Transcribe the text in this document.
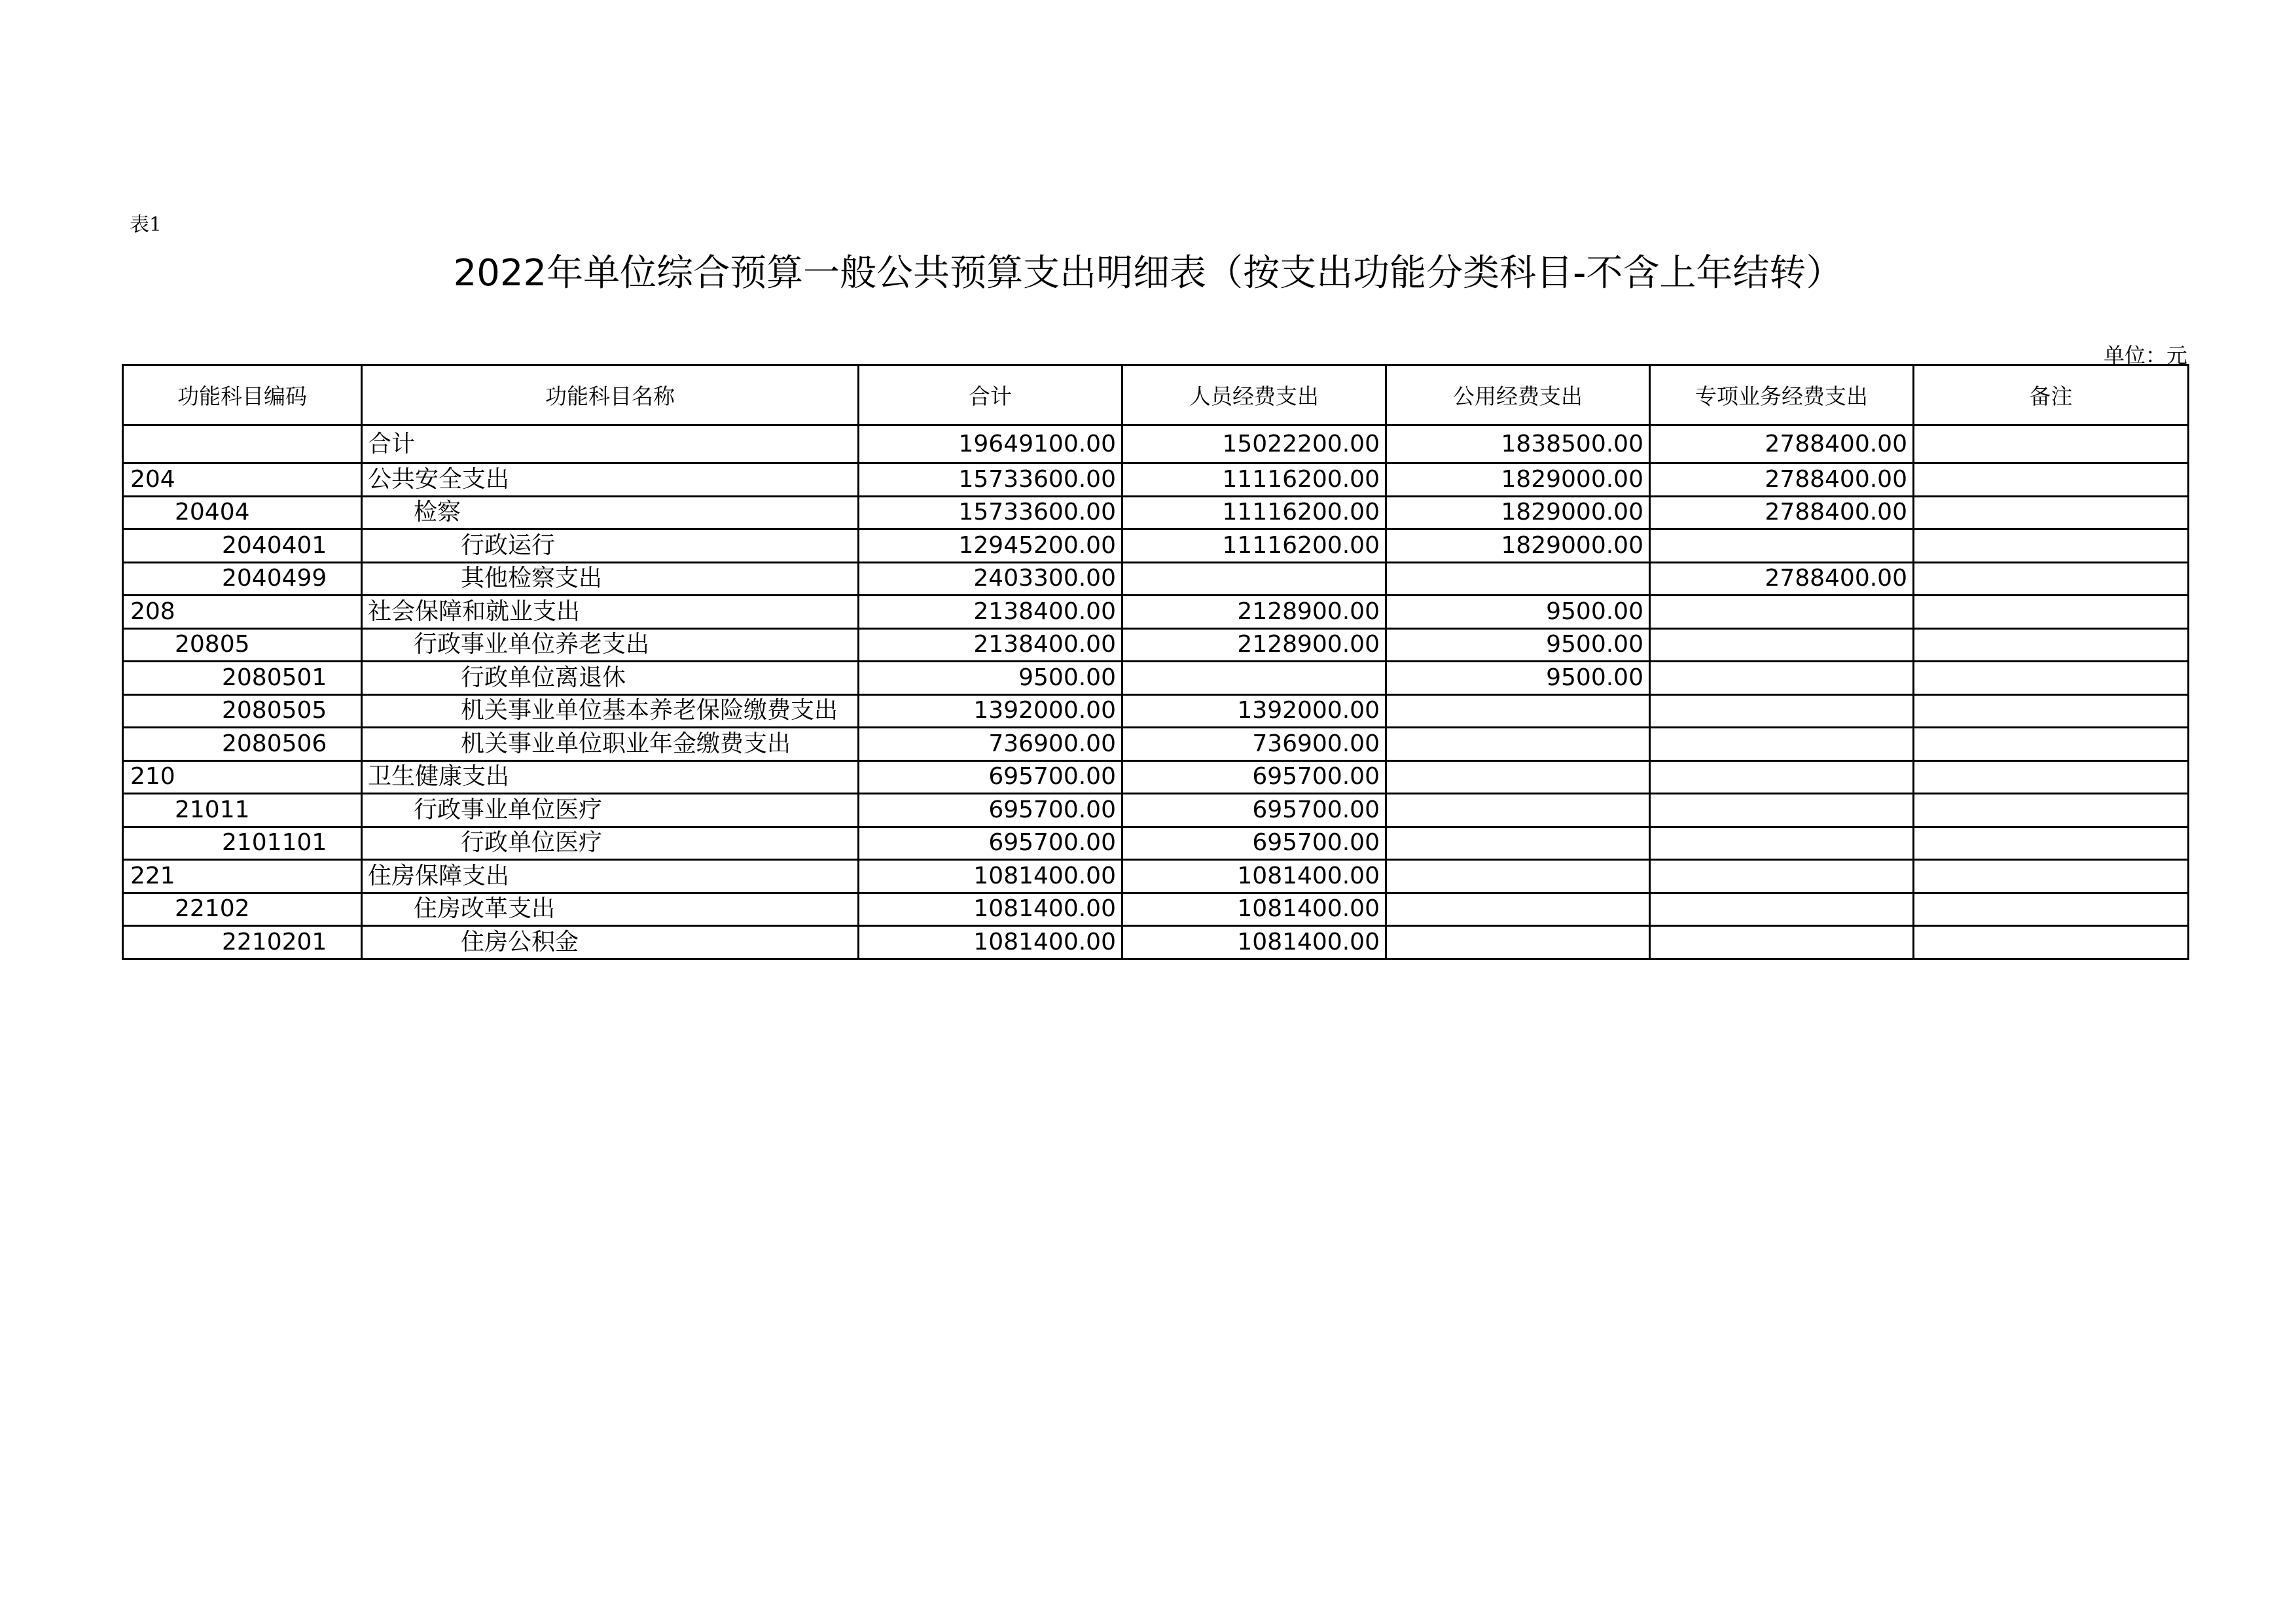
表1
2022年单位综合预算一般公共预算支出明细表（按支出功能分类科目-不含上年结转）
单位：元
功能科目编码	功能科目名称	合计	人员经费支出	公用经费支出	专项业务经费支出	备注
	合计	19649100.00	15022200.00	1838500.00	2788400.00	
204	公共安全支出	15733600.00	11116200.00	1829000.00	2788400.00	
20404	检察	15733600.00	11116200.00	1829000.00	2788400.00	
2040401	行政运行	12945200.00	11116200.00	1829000.00		
2040499	其他检察支出	2403300.00			2788400.00	
208	社会保障和就业支出	2138400.00	2128900.00	9500.00		
20805	行政事业单位养老支出	2138400.00	2128900.00	9500.00		
2080501	行政单位离退休	9500.00		9500.00		
2080505	机关事业单位基本养老保险缴费支出	1392000.00	1392000.00			
2080506	机关事业单位职业年金缴费支出	736900.00	736900.00			
210	卫生健康支出	695700.00	695700.00			
21011	行政事业单位医疗	695700.00	695700.00			
2101101	行政单位医疗	695700.00	695700.00			
221	住房保障支出	1081400.00	1081400.00			
22102	住房改革支出	1081400.00	1081400.00			
2210201	住房公积金	1081400.00	1081400.00			
